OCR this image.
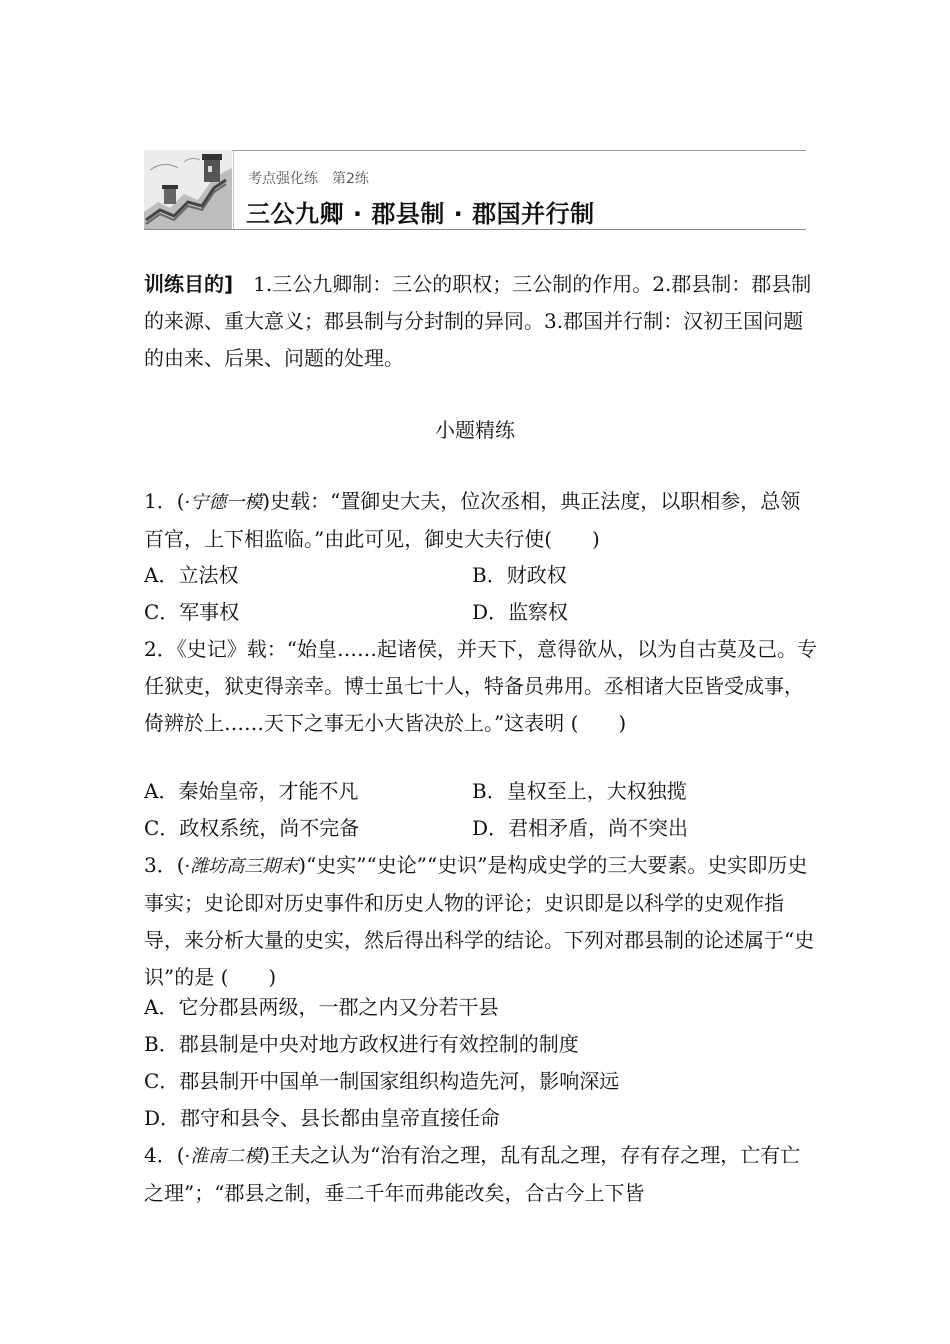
考点强化练　第2练
三公九卿 · 郡县制 · 郡国并行制
训练目的]　1.三公九卿制：三公的职权；三公制的作用。2.郡县制：郡县制的来源、重大意义；郡县制与分封制的异同。3.郡国并行制：汉初王国问题的由来、后果、问题的处理。
小题精练
1．(·宁德一模)史载：“置御史大夫，位次丞相，典正法度，以职相参，总领百官，上下相监临。”由此可见，御史大夫行使(　　)
A．立法权	B．财政权
C．军事权	D．监察权
2．《史记》载：“始皇……起诸侯，并天下，意得欲从，以为自古莫及己。专任狱吏，狱吏得亲幸。博士虽七十人，特备员弗用。丞相诸大臣皆受成事，倚辨於上……天下之事无小大皆决於上。”这表明 (　　)
A．秦始皇帝，才能不凡	B．皇权至上，大权独揽
C．政权系统，尚不完备	D．君相矛盾，尚不突出
3．(·潍坊高三期末)“史实”“史论”“史识”是构成史学的三大要素。史实即历史事实；史论即对历史事件和历史人物的评论；史识即是以科学的史观作指导，来分析大量的史实，然后得出科学的结论。下列对郡县制的论述属于“史识”的是 (　　)
A．它分郡县两级，一郡之内又分若干县
B．郡县制是中央对地方政权进行有效控制的制度
C．郡县制开中国单一制国家组织构造先河，影响深远
D．郡守和县令、县长都由皇帝直接任命
4．(·淮南二模)王夫之认为“治有治之理，乱有乱之理，存有存之理，亡有亡之理”；“郡县之制，垂二千年而弗能改矣，合古今上下皆
